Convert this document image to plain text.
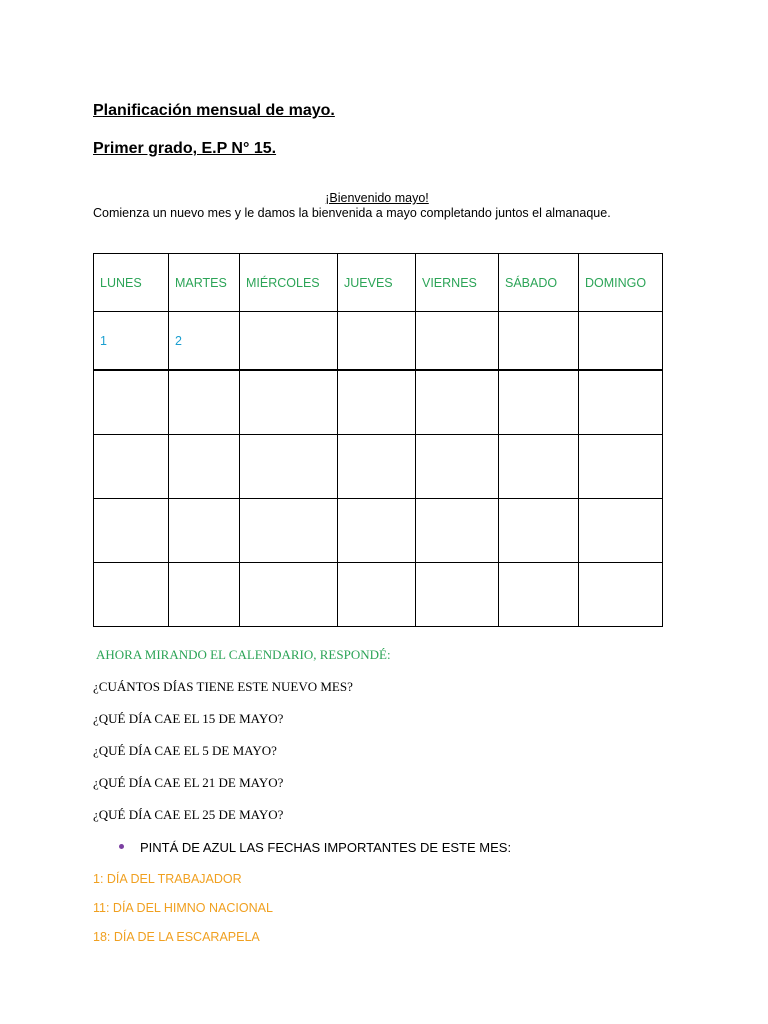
Planificación mensual de mayo.
Primer grado, E.P N° 15.
¡Bienvenido mayo!
Comienza un nuevo mes y le damos la bienvenida a mayo completando juntos el almanaque.
LUNES	MARTES	MIÉRCOLES	JUEVES	VIERNES	SÁBADO	DOMINGO
1	2					

AHORA MIRANDO EL CALENDARIO, RESPONDÉ:
¿CUÁNTOS DÍAS TIENE ESTE NUEVO MES?
¿QUÉ DÍA CAE EL 15 DE MAYO?
¿QUÉ DÍA CAE EL 5 DE MAYO?
¿QUÉ DÍA CAE EL 21 DE MAYO?
¿QUÉ DÍA CAE EL 25 DE MAYO?
PINTÁ DE AZUL LAS FECHAS IMPORTANTES DE ESTE MES:
1: DÍA DEL TRABAJADOR
11: DÍA DEL HIMNO NACIONAL
18: DÍA DE LA ESCARAPELA
